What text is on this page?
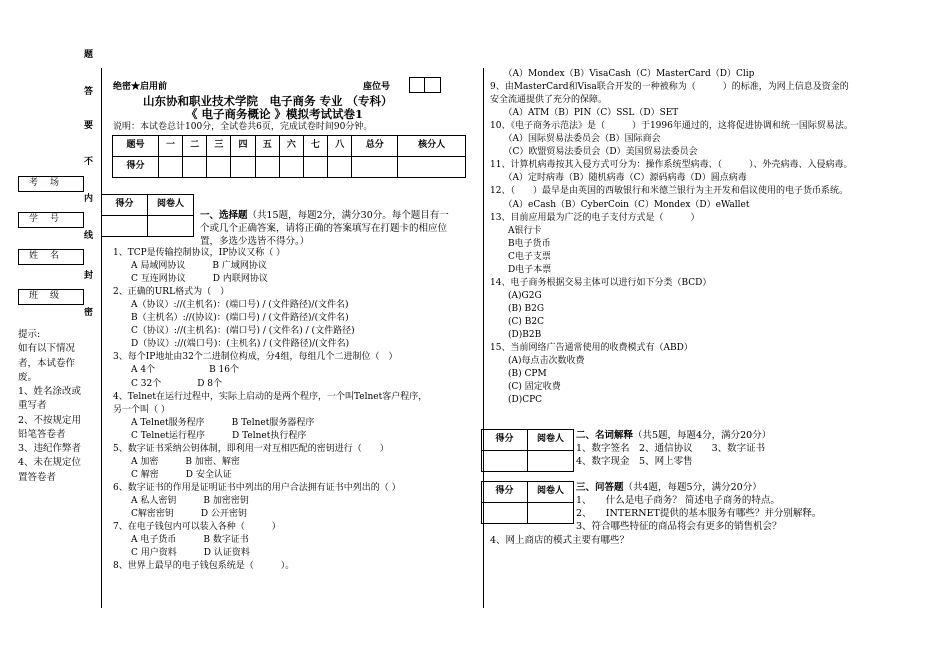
题
答
要
不
内
线
封
密
考场
学号
姓名
班级
提示:
如有以下情况者，本试卷作废。
1、姓名涂改或重写者
2、不按规定用铅笔答卷者
3、违纪作弊者
4、未在规定位置答卷者
绝密★启用前	座位号
山东协和职业技术学院　电子商务 专业 （专科）
《 电子商务概论 》模拟考试试卷1
说明：本试卷总计100分，全试卷共6页，完成试卷时间90分钟。
题号	一	二	三	四	五	六	七	八	总分	核分人
得分										
得分	阅卷人

一、选择题（共15题，每题2分，满分30分。每个题目有一
个或几个正确答案，请将正确的答案填写在打题卡的相应位
置，多选少选皆不得分。）
1、TCP是传输控制协议，IP协议又称（ ）
　　A 局域网协议　　　B 广域网协议
　　C 互连网协议　　　D 内联网协议
2、正确的URL格式为（　）
　　A（协议）://(主机名)：(端口号) / (文件路径)/(文件名)
　　B（主机名）://(协议)：(端口号) / (文件路径)/(文件名)
　　C（协议）://(主机名)：(端口号) / (文件名) / (文件路径)
　　D（协议）://(端口号)：(主机名) / (文件路径)/(文件名)
3、每个IP地址由32个二进制位构成，分4组，每组几个二进制位（　）
　　A 4个　　　　　　B 16个
　　C 32个　　　　D 8个
4、Telnet在运行过程中，实际上启动的是两个程序，一个叫Telnet客户程序，
另一个叫（ ）
　　A Telnet服务程序　　　B Telnet服务器程序
　　C Telnet运行程序　　　D Telnet执行程序
5、数字证书采纳公钥体制，即利用一对互相匹配的密钥进行（　　）
　　A 加密　　　B 加密、解密
　　C 解密　　　D 安全认证
6、数字证书的作用是证明证书中列出的用户合法拥有证书中列出的（ ）
　　A 私人密钥　　　B 加密密钥
　　C解密密钥　　　D 公开密钥
7、在电子钱包内可以装入各种（　　　）
　　A 电子货币　　　B 数字证书
　　C 用户资料　　　D 认证资料
8、世界上最早的电子钱包系统是（　　　）。
　　（A）Mondex（B）VisaCash（C）MasterCard（D）Clip
9、由MasterCard和Visa联合开发的一种被称为（　　　）的标准，为网上信息及资金的
安全流通提供了充分的保障。
　　（A）ATM（B）PIN（C）SSL（D）SET
10、《电子商务示范法》是（　　　）于1996年通过的，这将促进协调和统一国际贸易法。
　　（A）国际贸易法委员会（B）国际商会
　　（C）欧盟贸易法委员会（D）美国贸易法委员会
11、计算机病毒按其入侵方式可分为：操作系统型病毒、（　　　）、外壳病毒、入侵病毒。
　　（A）定时病毒（B）随机病毒（C）源码病毒（D）圆点病毒
12、（　　）最早是由英国的西敏银行和米德兰银行为主开发和倡议使用的电子货币系统。
　　（A）eCash（B）CyberCoin（C）Mondex（D）eWallet
13、目前应用最为广泛的电子支付方式是（　　　）
　　A银行卡
　　B电子货币
　　C电子支票
　　D电子本票
14、电子商务根据交易主体可以进行如下分类（BCD）
　　(A)G2G
　　(B) B2G
　　(C) B2C
　　(D)B2B
15、当前网络广告通常使用的收费模式有（ABD）
　　(A)每点击次数收费
　　(B) CPM
　　(C) 固定收费
　　(D)CPC
得分	阅卷人
	二、名词解释（共5题，每题4分，满分20分）
1、数字签名　2、通信协议　　3、数字证书
4、数字现金　5、网上零售
得分	阅卷人
	三、问答题（共4题，每题5分，满分20分）
1、　　什么是电子商务？ 简述电子商务的特点。
2、　　INTERNET提供的基本服务有哪些？并分别解释。
3、符合哪些特征的商品将会有更多的销售机会？
4、网上商店的模式主要有哪些？
